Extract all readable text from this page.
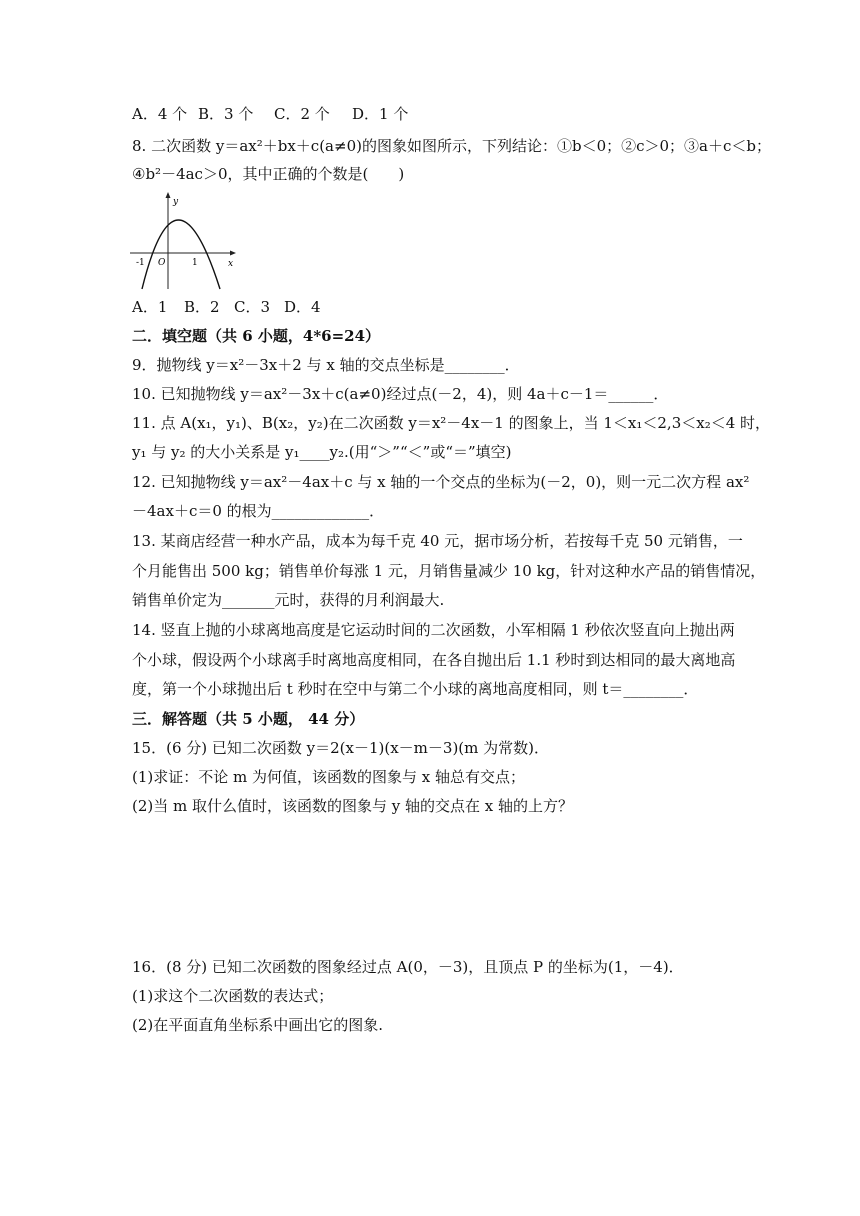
A．4 个 B．3 个 C．2 个 D．1 个
8. 二次函数 y＝ax²＋bx＋c(a≠0)的图象如图所示，下列结论：①b＜0；②c＞0；③a＋c＜b；
④b²－4ac＞0，其中正确的个数是(　　)
y
x
O
-1	1
A．1 B．2 C．3 D．4
二．填空题（共 6 小题，4*6=24）
9．抛物线 y＝x²－3x＋2 与 x 轴的交点坐标是________．
10. 已知抛物线 y＝ax²－3x＋c(a≠0)经过点(－2，4)，则 4a＋c－1＝______．
11. 点 A(x₁，y₁)、B(x₂，y₂)在二次函数 y＝x²－4x－1 的图象上，当 1＜x₁＜2,3＜x₂＜4 时，
y₁ 与 y₂ 的大小关系是 y₁____y₂.(用“＞”“＜”或“＝”填空)
12. 已知抛物线 y＝ax²－4ax＋c 与 x 轴的一个交点的坐标为(－2，0)，则一元二次方程 ax²
－4ax＋c＝0 的根为_____________．
13. 某商店经营一种水产品，成本为每千克 40 元，据市场分析，若按每千克 50 元销售，一
个月能售出 500 kg；销售单价每涨 1 元，月销售量减少 10 kg，针对这种水产品的销售情况，
销售单价定为_______元时，获得的月利润最大.
14. 竖直上抛的小球离地高度是它运动时间的二次函数，小军相隔 1 秒依次竖直向上抛出两
个小球，假设两个小球离手时离地高度相同，在各自抛出后 1.1 秒时到达相同的最大离地高
度，第一个小球抛出后 t 秒时在空中与第二个小球的离地高度相同，则 t＝________．
三．解答题（共 5 小题， 44 分）
15．(6 分) 已知二次函数 y＝2(x－1)(x－m－3)(m 为常数)．
(1)求证：不论 m 为何值，该函数的图象与 x 轴总有交点；
(2)当 m 取什么值时，该函数的图象与 y 轴的交点在 x 轴的上方？
16．(8 分) 已知二次函数的图象经过点 A(0，－3)，且顶点 P 的坐标为(1，－4)．
(1)求这个二次函数的表达式；
(2)在平面直角坐标系中画出它的图象.
